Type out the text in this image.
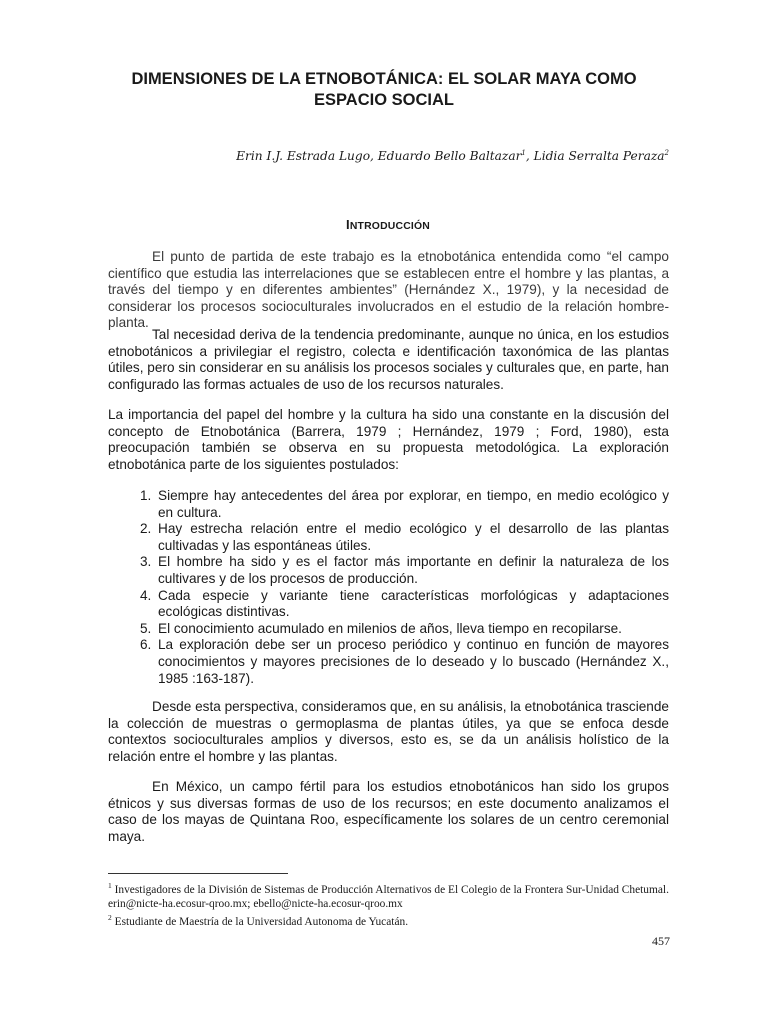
DIMENSIONES DE LA ETNOBOTÁNICA: EL SOLAR MAYA COMO
ESPACIO SOCIAL
Erin I.J. Estrada Lugo, Eduardo Bello Baltazar$^1$, Lidia Serralta Peraza$^2$
INTRODUCCIÓN

El punto de partida de este trabajo es la etnobotánica entendida como “el campo científico que estudia las interrelaciones que se establecen entre el hombre y las plantas, a través del tiempo y en diferentes ambientes” (Hernández X., 1979), y la necesidad de considerar los procesos socioculturales involucrados en el estudio de la relación hombre-planta.

Tal necesidad deriva de la tendencia predominante, aunque no única, en los estudios etnobotánicos a privilegiar el registro, colecta e identificación taxonómica de las plantas útiles, pero sin considerar en su análisis los procesos sociales y culturales que, en parte, han configurado las formas actuales de uso de los recursos naturales.

La importancia del papel del hombre y la cultura ha sido una constante en la discusión del concepto de Etnobotánica (Barrera, 1979 ; Hernández, 1979 ; Ford, 1980), esta preocupación también se observa en su propuesta metodológica. La exploración etnobotánica parte de los siguientes postulados:

1. Siempre hay antecedentes del área por explorar, en tiempo, en medio ecológico y en cultura.
2. Hay estrecha relación entre el medio ecológico y el desarrollo de las plantas cultivadas y las espontáneas útiles.
3. El hombre ha sido y es el factor más importante en definir la naturaleza de los cultivares y de los procesos de producción.
4. Cada especie y variante tiene características morfológicas y adaptaciones ecológicas distintivas.
5. El conocimiento acumulado en milenios de años, lleva tiempo en recopilarse.
6. La exploración debe ser un proceso periódico y continuo en función de mayores conocimientos y mayores precisiones de lo deseado y lo buscado (Hernández X., 1985 :163-187).

Desde esta perspectiva, consideramos que, en su análisis, la etnobotánica trasciende la colección de muestras o germoplasma de plantas útiles, ya que se enfoca desde contextos socioculturales amplios y diversos, esto es, se da un análisis holístico de la relación entre el hombre y las plantas.

En México, un campo fértil para los estudios etnobotánicos han sido los grupos étnicos y sus diversas formas de uso de los recursos; en este documento analizamos el caso de los mayas de Quintana Roo, específicamente los solares de un centro ceremonial maya.

$^1$ Investigadores de la División de Sistemas de Producción Alternativos de El Colegio de la Frontera Sur-Unidad Chetumal. erin@nicte-ha.ecosur-qroo.mx; ebello@nicte-ha.ecosur-qroo.mx
$^2$ Estudiante de Maestría de la Universidad Autonoma de Yucatán.
457
